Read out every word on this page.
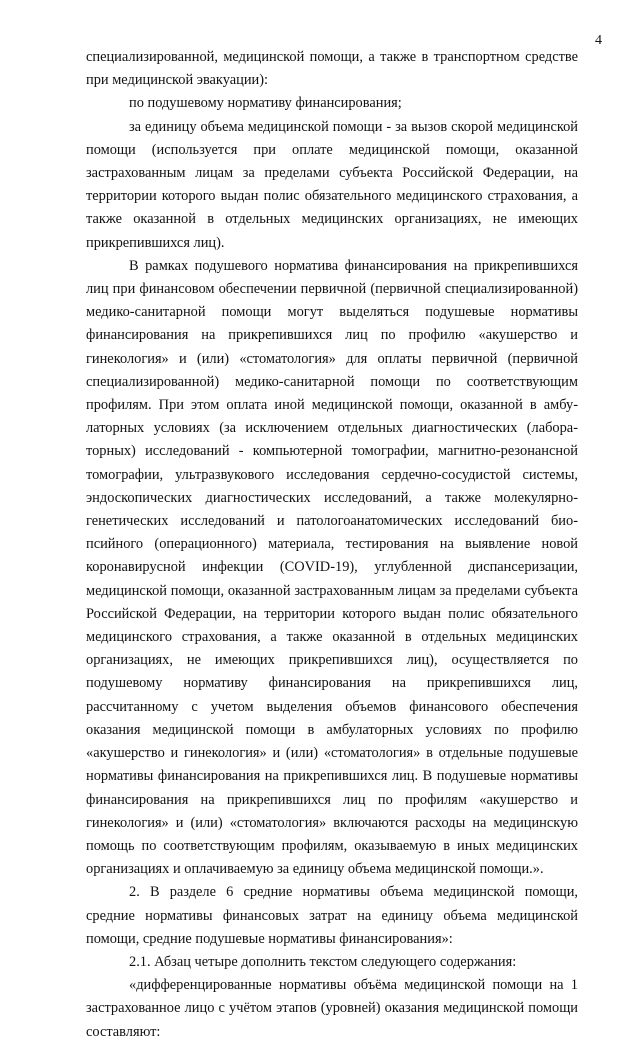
4

специализированной, медицинской помощи, а также в транспортном средстве при медицинской эвакуации):

по подушевому нормативу финансирования;

за единицу объема медицинской помощи - за вызов скорой медицинской помощи (используется при оплате медицинской помощи, оказанной застрахованным лицам за пределами субъекта Российской Федерации, на территории которого выдан полис обязательного медицинского страхования, а также оказанной в отдельных медицинских организациях, не имеющих прикрепившихся лиц).

В рамках подушевого норматива финансирования на прикрепившихся лиц при финансовом обеспечении первичной (первичной специализированной) медико-санитарной помощи могут выделяться подушевые нормативы финансирования на прикрепившихся лиц по профилю «акушерство и гинекология» и (или) «стоматология» для оплаты первичной (первичной специализированной) медико-санитарной помощи по соответствующим профилям. При этом оплата иной медицинской помощи, оказанной в амбулаторных условиях (за исключением отдельных диагностических (лабораторных) исследований - компьютерной томографии, магнитно-резонансной томографии, ультразвукового исследования сердечно-сосудистой системы, эндоскопических диагностических исследований, а также молекулярно-генетических исследований и патологоанатомических исследований биопсийного (операционного) материала, тестирования на выявление новой коронавирусной инфекции (COVID-19), углубленной диспансеризации, медицинской помощи, оказанной застрахованным лицам за пределами субъекта Российской Федерации, на территории которого выдан полис обязательного медицинского страхования, а также оказанной в отдельных медицинских организациях, не имеющих прикрепившихся лиц), осуществляется по подушевому нормативу финансирования на прикрепившихся лиц, рассчитанному с учетом выделения объемов финансового обеспечения оказания медицинской помощи в амбулаторных условиях по профилю «акушерство и гинекология» и (или) «стоматология» в отдельные подушевые нормативы финансирования на прикрепившихся лиц. В подушевые нормативы финансирования на прикрепившихся лиц по профилям «акушерство и гинекология» и (или) «стоматология» включаются расходы на медицинскую помощь по соответствующим профилям, оказываемую в иных медицинских организациях и оплачиваемую за единицу объема медицинской помощи.».

2. В разделе 6 средние нормативы объема медицинской помощи, средние нормативы финансовых затрат на единицу объема медицинской помощи, средние подушевые нормативы финансирования»:

2.1. Абзац четыре дополнить текстом следующего содержания:

«дифференцированные нормативы объёма медицинской помощи на 1 застрахованное лицо с учётом этапов (уровней) оказания медицинской помощи составляют:
